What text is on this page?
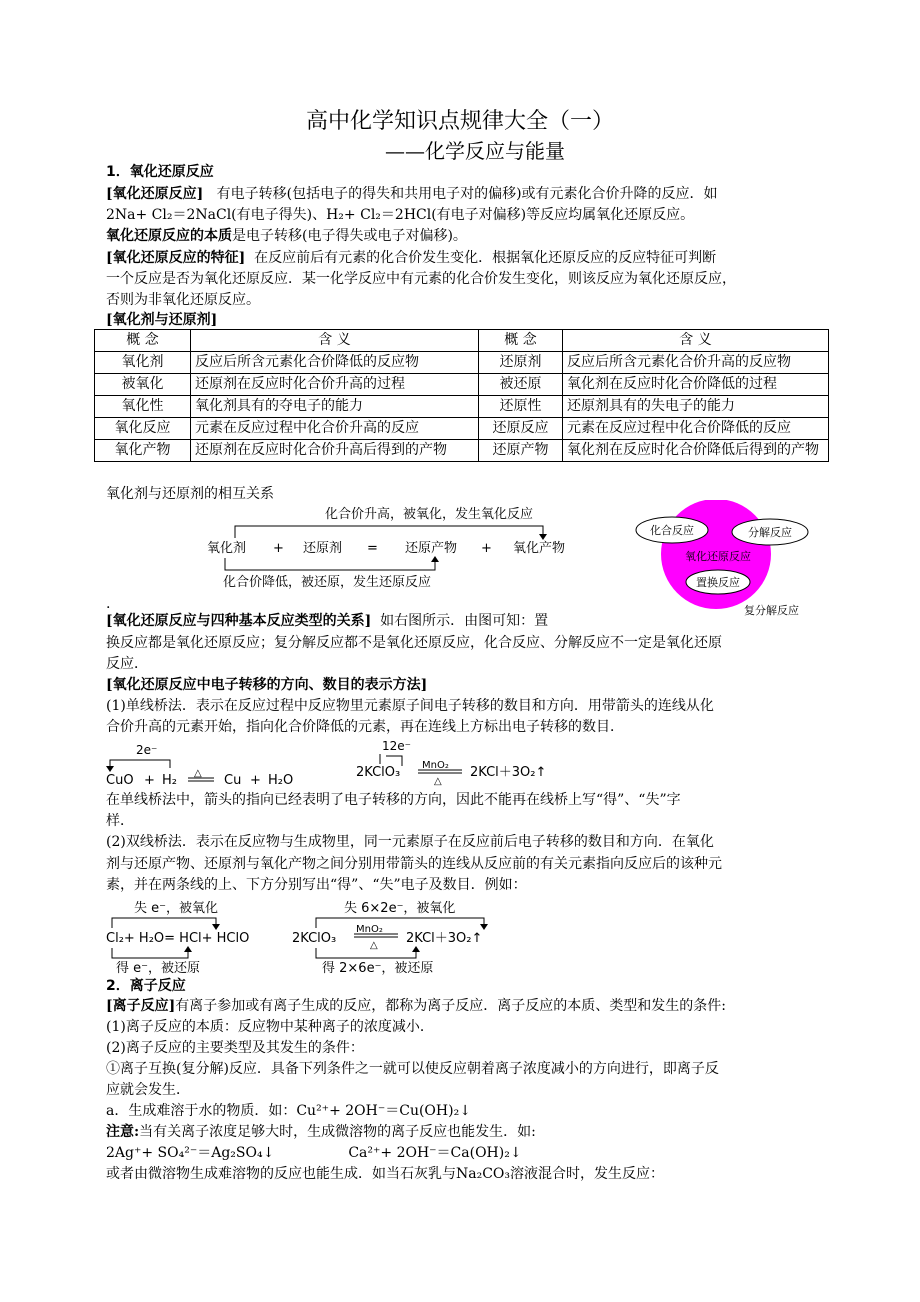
高中化学知识点规律大全（一）
——化学反应与能量
1．氧化还原反应
[氧化还原反应] 有电子转移(包括电子的得失和共用电子对的偏移)或有元素化合价升降的反应．如
2Na+ Cl₂＝2NaCl(有电子得失)、H₂+ Cl₂＝2HCl(有电子对偏移)等反应均属氧化还原反应。
氧化还原反应的本质是电子转移(电子得失或电子对偏移)。
[氧化还原反应的特征] 在反应前后有元素的化合价发生变化．根据氧化还原反应的反应特征可判断
一个反应是否为氧化还原反应．某一化学反应中有元素的化合价发生变化，则该反应为氧化还原反应，
否则为非氧化还原反应。
[氧化剂与还原剂]
概 念	含 义	概 念	含 义
氧化剂	反应后所含元素化合价降低的反应物	还原剂	反应后所含元素化合价升高的反应物
被氧化	还原剂在反应时化合价升高的过程	被还原	氧化剂在反应时化合价降低的过程
氧化性	氧化剂具有的夺电子的能力	还原性	还原剂具有的失电子的能力
氧化反应	元素在反应过程中化合价升高的反应	还原反应	元素在反应过程中化合价降低的反应
氧化产物	还原剂在反应时化合价升高后得到的产物	还原产物	氧化剂在反应时化合价降低后得到的产物
氧化剂与还原剂的相互关系
化合价升高，被氧化，发生氧化反应
氧化剂 + 还原剂 = 还原产物 + 氧化产物
化合价降低，被还原，发生还原反应
化合反应	分解反应
氧化还原反应
置换反应
复分解反应
.
[氧化还原反应与四种基本反应类型的关系] 如右图所示．由图可知：置
换反应都是氧化还原反应；复分解反应都不是氧化还原反应，化合反应、分解反应不一定是氧化还原
反应．
[氧化还原反应中电子转移的方向、数目的表示方法]
(1)单线桥法．表示在反应过程中反应物里元素原子间电子转移的数目和方向．用带箭头的连线从化
合价升高的元素开始，指向化合价降低的元素，再在连线上方标出电子转移的数目．
2e⁻
CuO + H₂ △ Cu + H₂O
12e⁻
2KClO₃ MnO₂
△
2KCl＋3O₂↑
在单线桥法中，箭头的指向已经表明了电子转移的方向，因此不能再在线桥上写“得”、“失”字
样．
(2)双线桥法．表示在反应物与生成物里，同一元素原子在反应前后电子转移的数目和方向．在氧化
剂与还原产物、还原剂与氧化产物之间分别用带箭头的连线从反应前的有关元素指向反应后的该种元
素，并在两条线的上、下方分别写出“得”、“失”电子及数目．例如：
失 e⁻，被氧化
Cl₂+ H₂O= HCl+ HClO
得 e⁻，被还原
失 6×2e⁻，被氧化
2KClO₃
MnO₂
△ 2KCl＋3O₂↑
得 2×6e⁻，被还原
2．离子反应
[离子反应]有离子参加或有离子生成的反应，都称为离子反应．离子反应的本质、类型和发生的条件:
(1)离子反应的本质：反应物中某种离子的浓度减小．
(2)离子反应的主要类型及其发生的条件：
①离子互换(复分解)反应．具备下列条件之一就可以使反应朝着离子浓度减小的方向进行，即离子反
应就会发生．
a．生成难溶于水的物质．如：Cu²⁺+ 2OH⁻＝Cu(OH)₂↓
注意:当有关离子浓度足够大时，生成微溶物的离子反应也能发生．如:
2Ag⁺+ SO₄²⁻＝Ag₂SO₄↓	Ca²⁺+ 2OH⁻＝Ca(OH)₂↓
或者由微溶物生成难溶物的反应也能生成．如当石灰乳与Na₂CO₃溶液混合时，发生反应：
